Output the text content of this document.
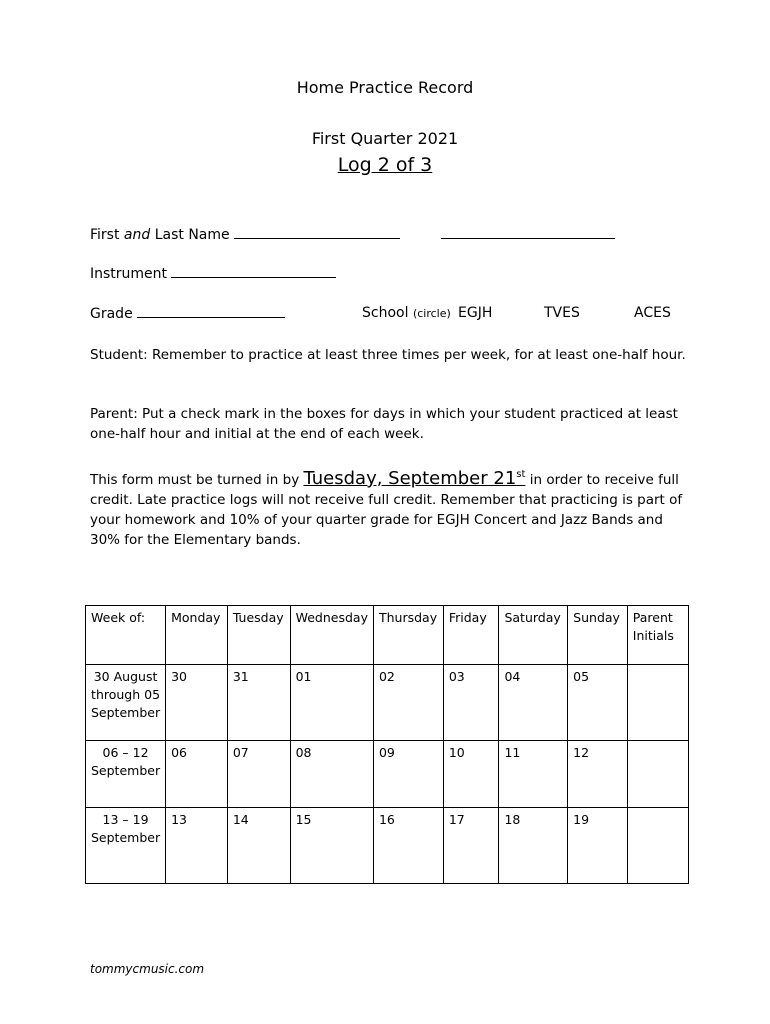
Home Practice Record
First Quarter 2021
Log 2 of 3
First and Last Name
Instrument
Grade	School (circle) EGJH	TVES	ACES
Student: Remember to practice at least three times per week, for at least one-half hour.
Parent: Put a check mark in the boxes for days in which your student practiced at least one-half hour and initial at the end of each week.
This form must be turned in by Tuesday, September 21st in order to receive full credit. Late practice logs will not receive full credit. Remember that practicing is part of your homework and 10% of your quarter grade for EGJH Concert and Jazz Bands and 30% for the Elementary bands.
Week of:	Monday	Tuesday	Wednesday	Thursday	Friday	Saturday	Sunday	Parent Initials
30 August through 05 September	30	31	01	02	03	04	05	
06 – 12 September	06	07	08	09	10	11	12	
13 – 19 September	13	14	15	16	17	18	19	
tommycmusic.com
